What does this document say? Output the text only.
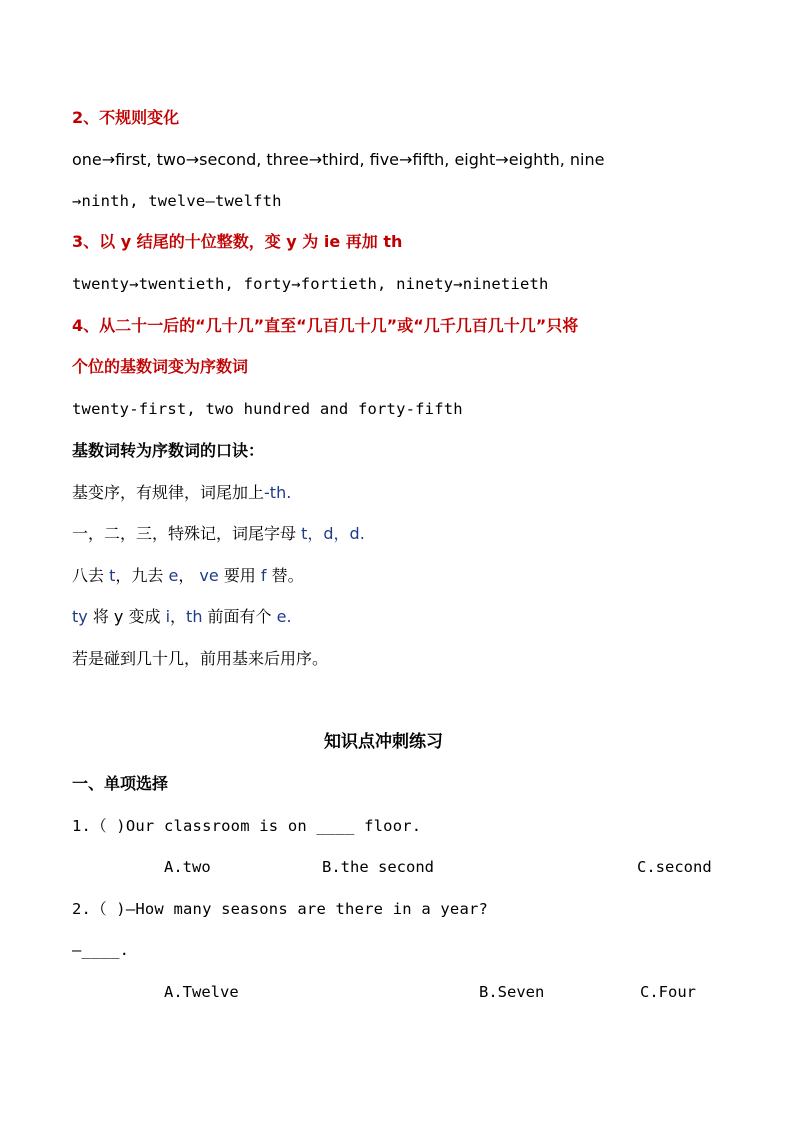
2、不规则变化
one→first, two→second, three→third, five→fifth, eight→eighth, nine
→ninth, twelve—twelfth
3、以 y 结尾的十位整数，变 y 为 ie 再加 th
twenty→twentieth, forty→fortieth, ninety→ninetieth
4、从二十一后的“几十几”直至“几百几十几”或“几千几百几十几”只将
个位的基数词变为序数词
twenty-first, two hundred and forty-fifth
基数词转为序数词的口诀：
基变序，有规律，词尾加上-th.
一，二，三，特殊记，词尾字母 t，d，d.
八去 t，九去 e， ve 要用 f 替。
ty 将 y 变成 i，th 前面有个 e.
若是碰到几十几，前用基来后用序。
知识点冲刺练习
一、单项选择
1.（ )Our classroom is on ____ floor.
A.two	B.the second	C.second
2.（ )—How many seasons are there in a year?
—____.
A.Twelve	B.Seven	C.Four
